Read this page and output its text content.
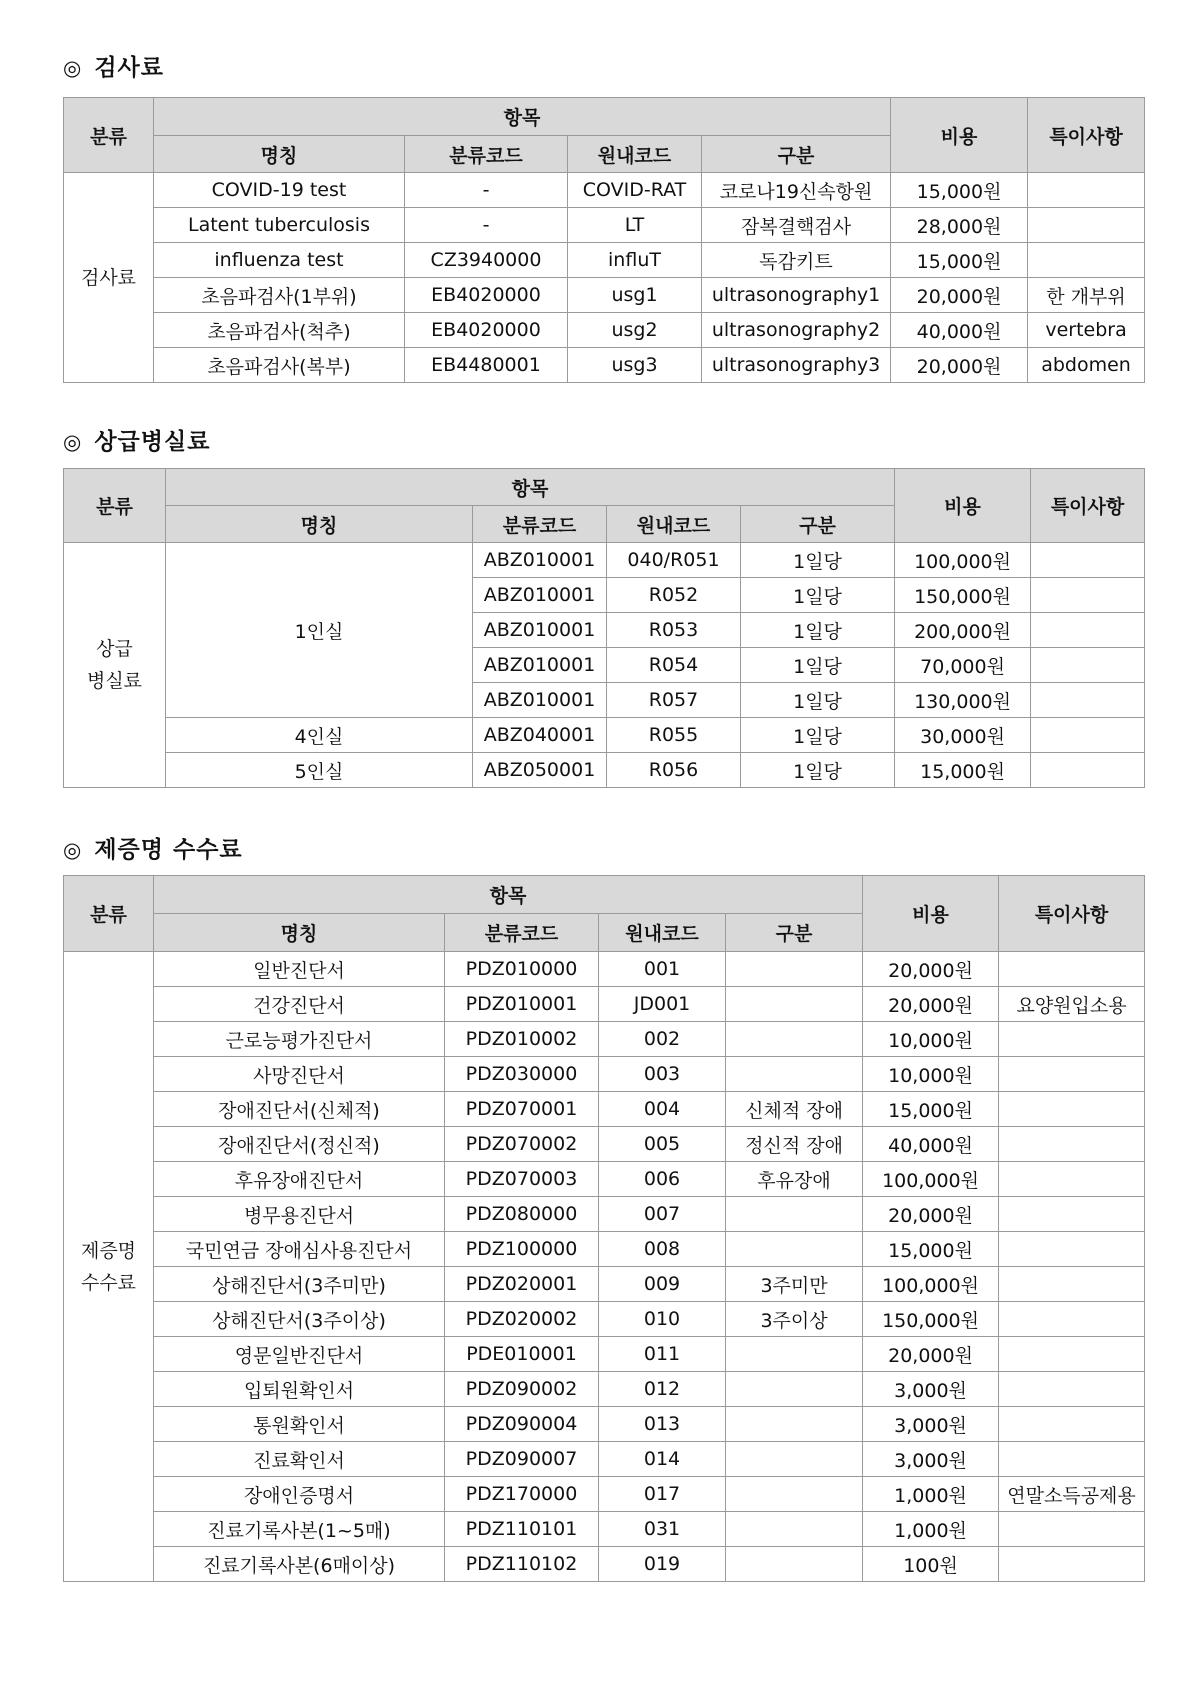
◎ 검사료
분류	항목				비용	특이사항
	명칭	분류코드	원내코드	구분		

검사료	COVID-19 test	-	COVID-RAT	코로나19신속항원	15,000원	
	Latent tuberculosis	-	LT	잠복결핵검사	28,000원	
	influenza test	CZ3940000	influT	독감키트	15,000원	
	초음파검사(1부위)	EB4020000	usg1	ultrasonography1	20,000원	한 개부위
	초음파검사(척추)	EB4020000	usg2	ultrasonography2	40,000원	vertebra
	초음파검사(복부)	EB4480001	usg3	ultrasonography3	20,000원	abdomen
◎ 상급병실료
분류	항목				비용	특이사항
	명칭	분류코드	원내코드	구분		

상급
병실료	1인실	ABZ010001	040/R051	1일당	100,000원	
		ABZ010001	R052	1일당	150,000원	
		ABZ010001	R053	1일당	200,000원	
		ABZ010001	R054	1일당	70,000원	
		ABZ010001	R057	1일당	130,000원	
	4인실	ABZ040001	R055	1일당	30,000원	
	5인실	ABZ050001	R056	1일당	15,000원	
◎ 제증명 수수료
분류	항목				비용	특이사항
	명칭	분류코드	원내코드	구분		

제증명
수수료	일반진단서	PDZ010000	001		20,000원	
	건강진단서	PDZ010001	JD001		20,000원	요양원입소용
	근로능평가진단서	PDZ010002	002		10,000원	
	사망진단서	PDZ030000	003		10,000원	
	장애진단서(신체적)	PDZ070001	004	신체적 장애	15,000원	
	장애진단서(정신적)	PDZ070002	005	정신적 장애	40,000원	
	후유장애진단서	PDZ070003	006	후유장애	100,000원	
	병무용진단서	PDZ080000	007		20,000원	
	국민연금 장애심사용진단서	PDZ100000	008		15,000원	
	상해진단서(3주미만)	PDZ020001	009	3주미만	100,000원	
	상해진단서(3주이상)	PDZ020002	010	3주이상	150,000원	
	영문일반진단서	PDE010001	011		20,000원	
	입퇴원확인서	PDZ090002	012		3,000원	
	통원확인서	PDZ090004	013		3,000원	
	진료확인서	PDZ090007	014		3,000원	
	장애인증명서	PDZ170000	017		1,000원	연말소득공제용
	진료기록사본(1~5매)	PDZ110101	031		1,000원	
	진료기록사본(6매이상)	PDZ110102	019		100원	
